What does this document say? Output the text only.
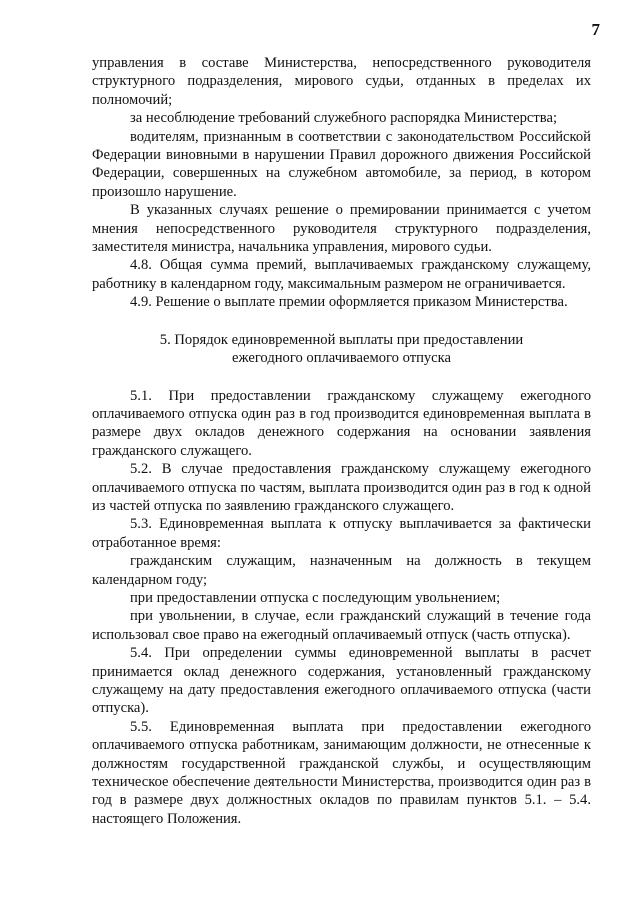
7

управления в составе Министерства, непосредственного руководителя структурного подразделения, мирового судьи, отданных в пределах их полномочий;

за несоблюдение требований служебного распорядка Министерства;

водителям, признанным в соответствии с законодательством Российской Федерации виновными в нарушении Правил дорожного движения Российской Федерации, совершенных на служебном автомобиле, за период, в котором произошло нарушение.

В указанных случаях решение о премировании принимается с учетом мнения непосредственного руководителя структурного подразделения, заместителя министра, начальника управления, мирового судьи.

4.8. Общая сумма премий, выплачиваемых гражданскому служащему, работнику в календарном году, максимальным размером не ограничивается.

4.9. Решение о выплате премии оформляется приказом Министерства.

5. Порядок единовременной выплаты при предоставлении
ежегодного оплачиваемого отпуска

5.1. При предоставлении гражданскому служащему ежегодного оплачиваемого отпуска один раз в год производится единовременная выплата в размере двух окладов денежного содержания на основании заявления гражданского служащего.

5.2. В случае предоставления гражданскому служащему ежегодного оплачиваемого отпуска по частям, выплата производится один раз в год к одной из частей отпуска по заявлению гражданского служащего.

5.3. Единовременная выплата к отпуску выплачивается за фактически отработанное время:

гражданским служащим, назначенным на должность в текущем календарном году;

при предоставлении отпуска с последующим увольнением;

при увольнении, в случае, если гражданский служащий в течение года использовал свое право на ежегодный оплачиваемый отпуск (часть отпуска).

5.4. При определении суммы единовременной выплаты в расчет принимается оклад денежного содержания, установленный гражданскому служащему на дату предоставления ежегодного оплачиваемого отпуска (части отпуска).

5.5. Единовременная выплата при предоставлении ежегодного оплачиваемого отпуска работникам, занимающим должности, не отнесенные к должностям государственной гражданской службы, и осуществляющим техническое обеспечение деятельности Министерства, производится один раз в год в размере двух должностных окладов по правилам пунктов 5.1. – 5.4. настоящего Положения.
